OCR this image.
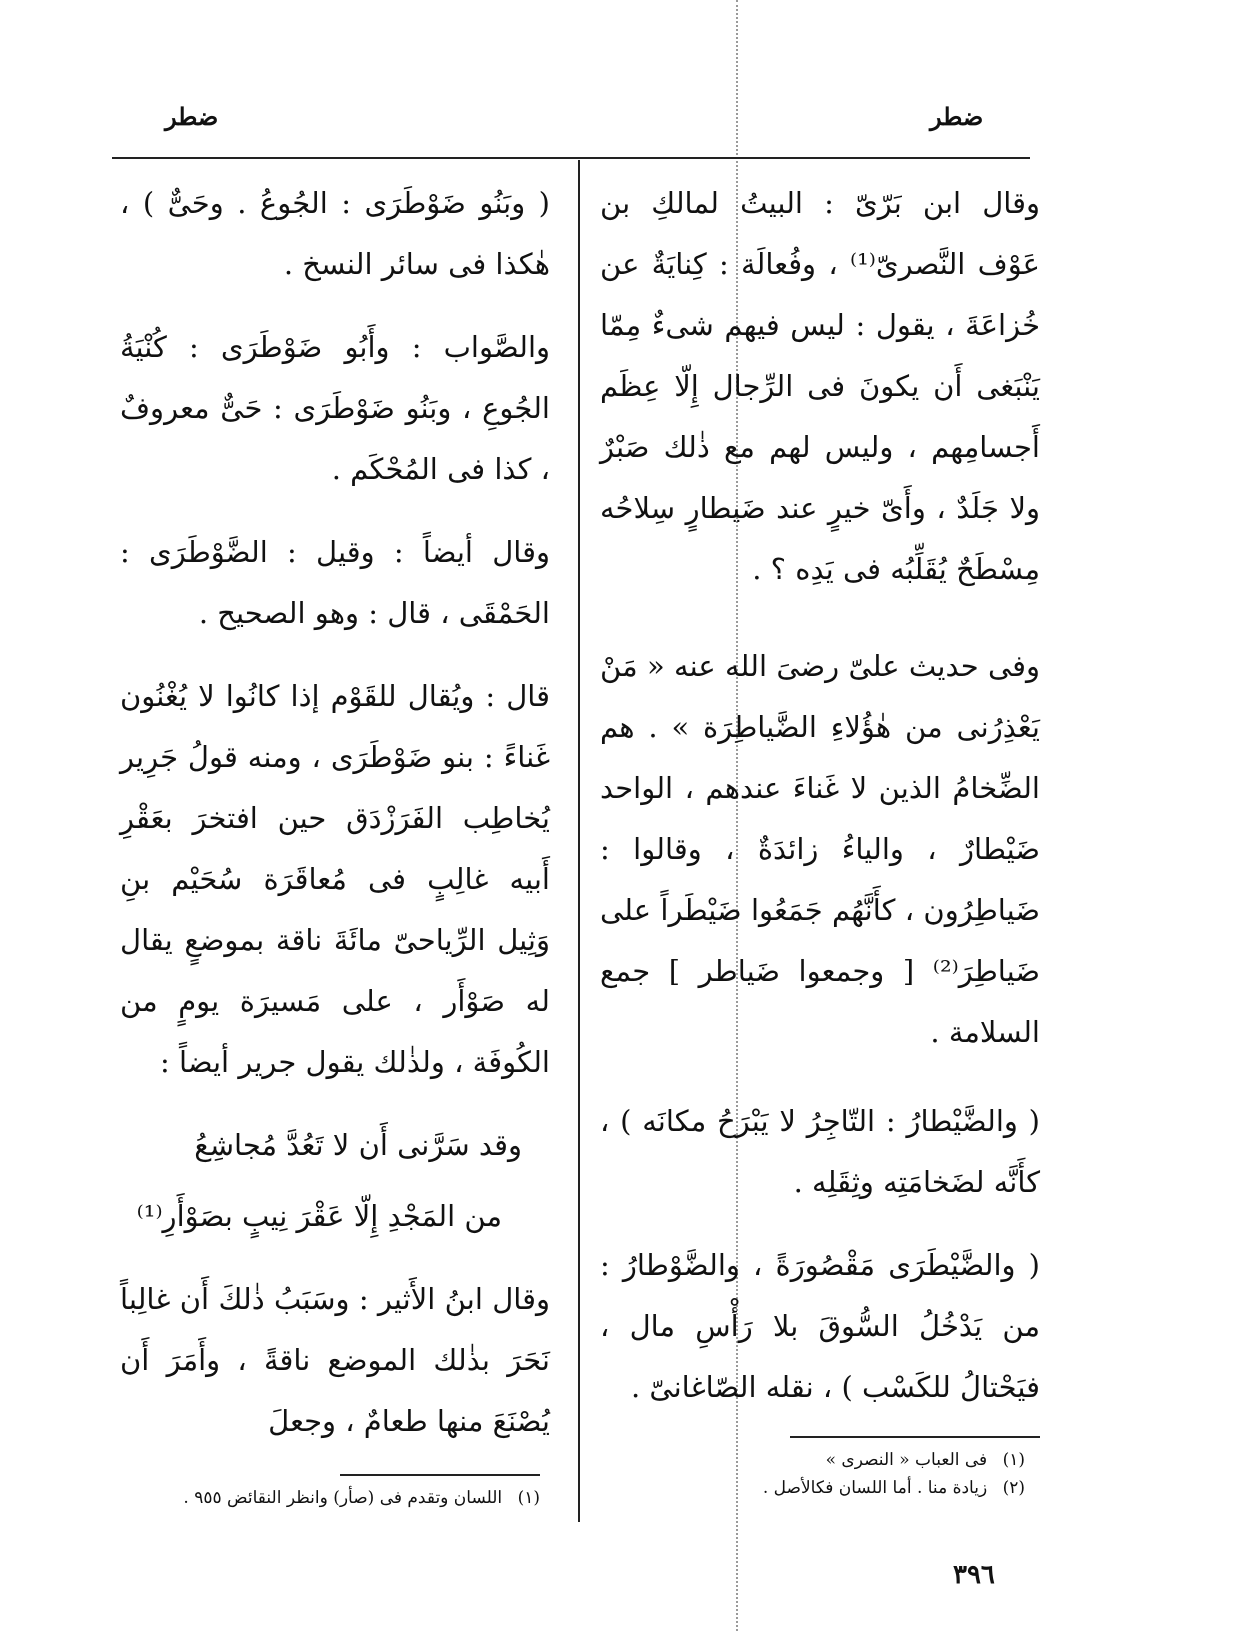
ضطر
ضطر

وقال ابن بَرّىّ : البيتُ لمالكِ بن عَوْف النَّصرىّ⁽¹⁾ ، وفُعالَة : كِنايَةٌ عن خُزاعَةَ ، يقول : ليس فيهم شىءٌ مِمّا يَنْبَغى أَن يكونَ فى الرِّجال إِلّا عِظَم أَجسامِهم ، وليس لهم مع ذٰلك صَبْرٌ ولا جَلَدٌ ، وأَىّ خيرٍ عند ضَيطارٍ سِلاحُه مِسْطَحٌ يُقَلِّبُه فى يَدِه ؟ .

وفى حديث علىّ رضىَ الله عنه « مَنْ يَعْذِرُنى من هٰؤُلاءِ الضَّياطِرَة » . هم الضِّخامُ الذين لا غَناءَ عندهم ، الواحد ضَيْطارٌ ، والياءُ زائدَةٌ ، وقالوا : ضَياطِرُون ، كأَنَّهُم جَمَعُوا ضَيْطَراً على ضَياطِرَ⁽²⁾ [ وجمعوا ضَياطر ] جمع السلامة .

( والضَّيْطارُ : التّاجِرُ لا يَبْرَحُ مكانَه ) ، كأَنَّه لضَخامَتِه وثِقَلِه .

( والضَّيْطَرَى مَقْصُورَةً ، والضَّوْطارُ : من يَدْخُلُ السُّوقَ بلا رَأْسِ مال ، فيَحْتالُ للكَسْب ) ، نقله الصّاغانىّ .

( وبَنُو ضَوْطَرَى : الجُوعُ . وحَىٌّ ) ، هٰكذا فى سائر النسخ .

والصَّواب : وأَبُو ضَوْطَرَى : كُنْيَةُ الجُوعِ ، وبَنُو ضَوْطَرَى : حَىٌّ معروفٌ ، كذا فى المُحْكَم .

وقال أيضاً : وقيل : الضَّوْطَرَى : الحَمْقَى ، قال : وهو الصحيح .

قال : ويُقال للقَوْم إذا كانُوا لا يُغْنُون غَناءً : بنو ضَوْطَرَى ، ومنه قولُ جَرِير يُخاطِب الفَرَزْدَق حين افتخرَ بعَقْرِ أَبيه غالِبٍ فى مُعاقَرَة سُحَيْم بنِ وَثِيل الرِّياحىّ مائَةَ ناقة بموضعٍ يقال له صَوْأَر ، على مَسيرَة يومٍ من الكُوفَة ، ولذٰلك يقول جرير أيضاً :

وقد سَرَّنى أَن لا تَعُدَّ مُجاشِعُ

من المَجْدِ إِلّا عَقْرَ نِيبٍ بصَوْأَرِ⁽¹⁾

وقال ابنُ الأَثير : وسَبَبُ ذٰلكَ أَن غالِباً نَحَرَ بذٰلك الموضع ناقةً ، وأَمَرَ أَن يُصْنَعَ منها طعامٌ ، وجعلَ

(١) فى العباب « النصرى »
(٢) زيادة منا . أما اللسان فكالأصل .
(١) اللسان وتقدم فى (صأر) وانظر النقائض ٩٥٥ .
٣٩٦
